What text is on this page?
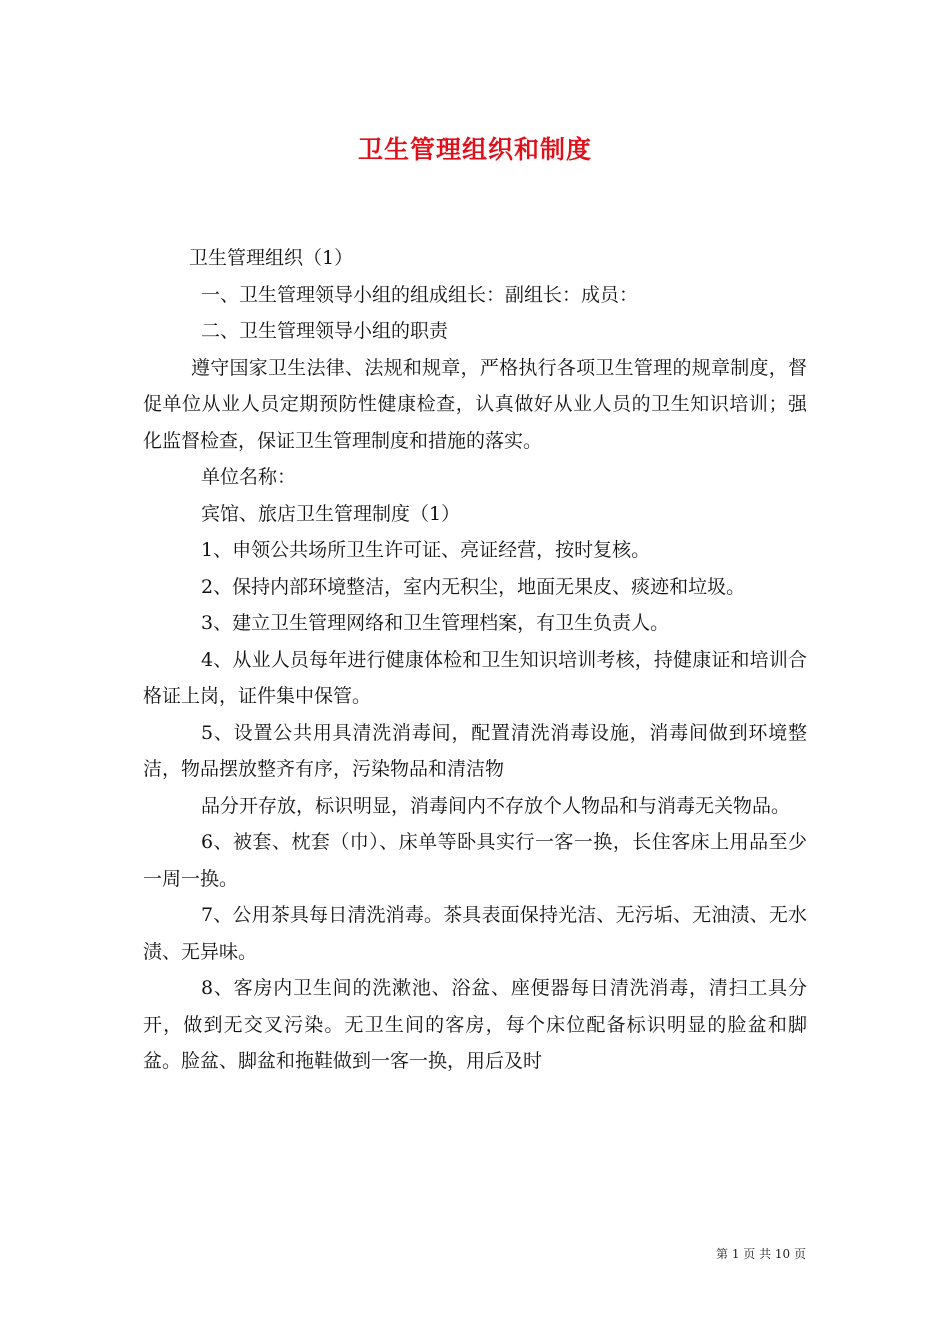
卫生管理组织和制度

卫生管理组织（1）

一、卫生管理领导小组的组成组长：副组长：成员：

二、卫生管理领导小组的职责

遵守国家卫生法律、法规和规章，严格执行各项卫生管理的规章制度，督促单位从业人员定期预防性健康检查，认真做好从业人员的卫生知识培训；强化监督检查，保证卫生管理制度和措施的落实。

单位名称：

宾馆、旅店卫生管理制度（1）

1、申领公共场所卫生许可证、亮证经营，按时复核。

2、保持内部环境整洁，室内无积尘，地面无果皮、痰迹和垃圾。

3、建立卫生管理网络和卫生管理档案，有卫生负责人。

4、从业人员每年进行健康体检和卫生知识培训考核，持健康证和培训合格证上岗，证件集中保管。

5、设置公共用具清洗消毒间，配置清洗消毒设施，消毒间做到环境整洁，物品摆放整齐有序，污染物品和清洁物

品分开存放，标识明显，消毒间内不存放个人物品和与消毒无关物品。

6、被套、枕套（巾）、床单等卧具实行一客一换，长住客床上用品至少一周一换。

7、公用茶具每日清洗消毒。茶具表面保持光洁、无污垢、无油渍、无水渍、无异味。

8、客房内卫生间的洗漱池、浴盆、座便器每日清洗消毒，清扫工具分开，做到无交叉污染。无卫生间的客房，每个床位配备标识明显的脸盆和脚盆。脸盆、脚盆和拖鞋做到一客一换，用后及时

第 1 页 共 10 页
